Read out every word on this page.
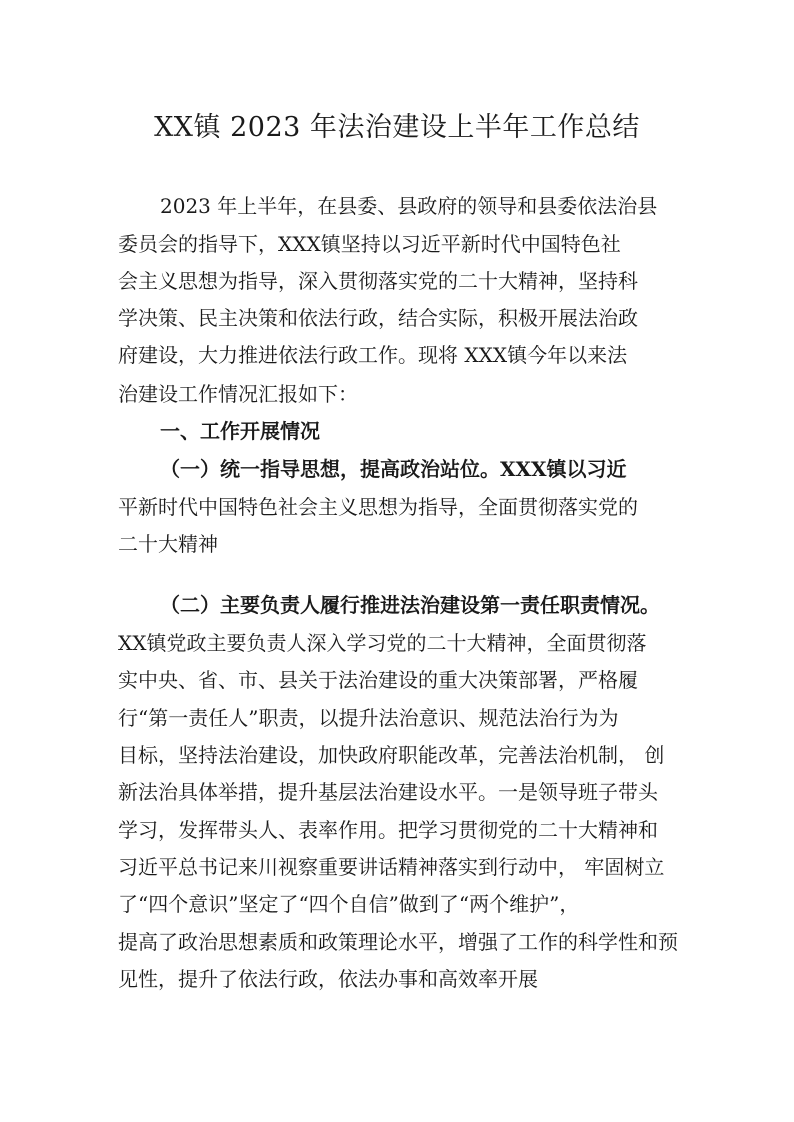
XX镇 2023 年法治建设上半年工作总结
2023 年上半年，在县委、县政府的领导和县委依法治县
委员会的指导下，XXX镇坚持以习近平新时代中国特色社
会主义思想为指导，深入贯彻落实党的二十大精神，坚持科
学决策、民主决策和依法行政，结合实际，积极开展法治政
府建设，大力推进依法行政工作。现将 XXX镇今年以来法
治建设工作情况汇报如下：
一、工作开展情况
（一）统一指导思想，提高政治站位。XXX镇以习近
平新时代中国特色社会主义思想为指导，全面贯彻落实党的
二十大精神
（二）主要负责人履行推进法治建设第一责任职责情况。
XX镇党政主要负责人深入学习党的二十大精神，全面贯彻落
实中央、省、市、县关于法治建设的重大决策部署，严格履
行“第一责任人”职责，以提升法治意识、规范法治行为为
目标，坚持法治建设，加快政府职能改革，完善法治机制， 创
新法治具体举措，提升基层法治建设水平。一是领导班子带头
学习，发挥带头人、表率作用。把学习贯彻党的二十大精神和
习近平总书记来川视察重要讲话精神落实到行动中， 牢固树立
了“四个意识”坚定了“四个自信”做到了“两个维护”，
提高了政治思想素质和政策理论水平，增强了工作的科学性和预
见性，提升了依法行政，依法办事和高效率开展
